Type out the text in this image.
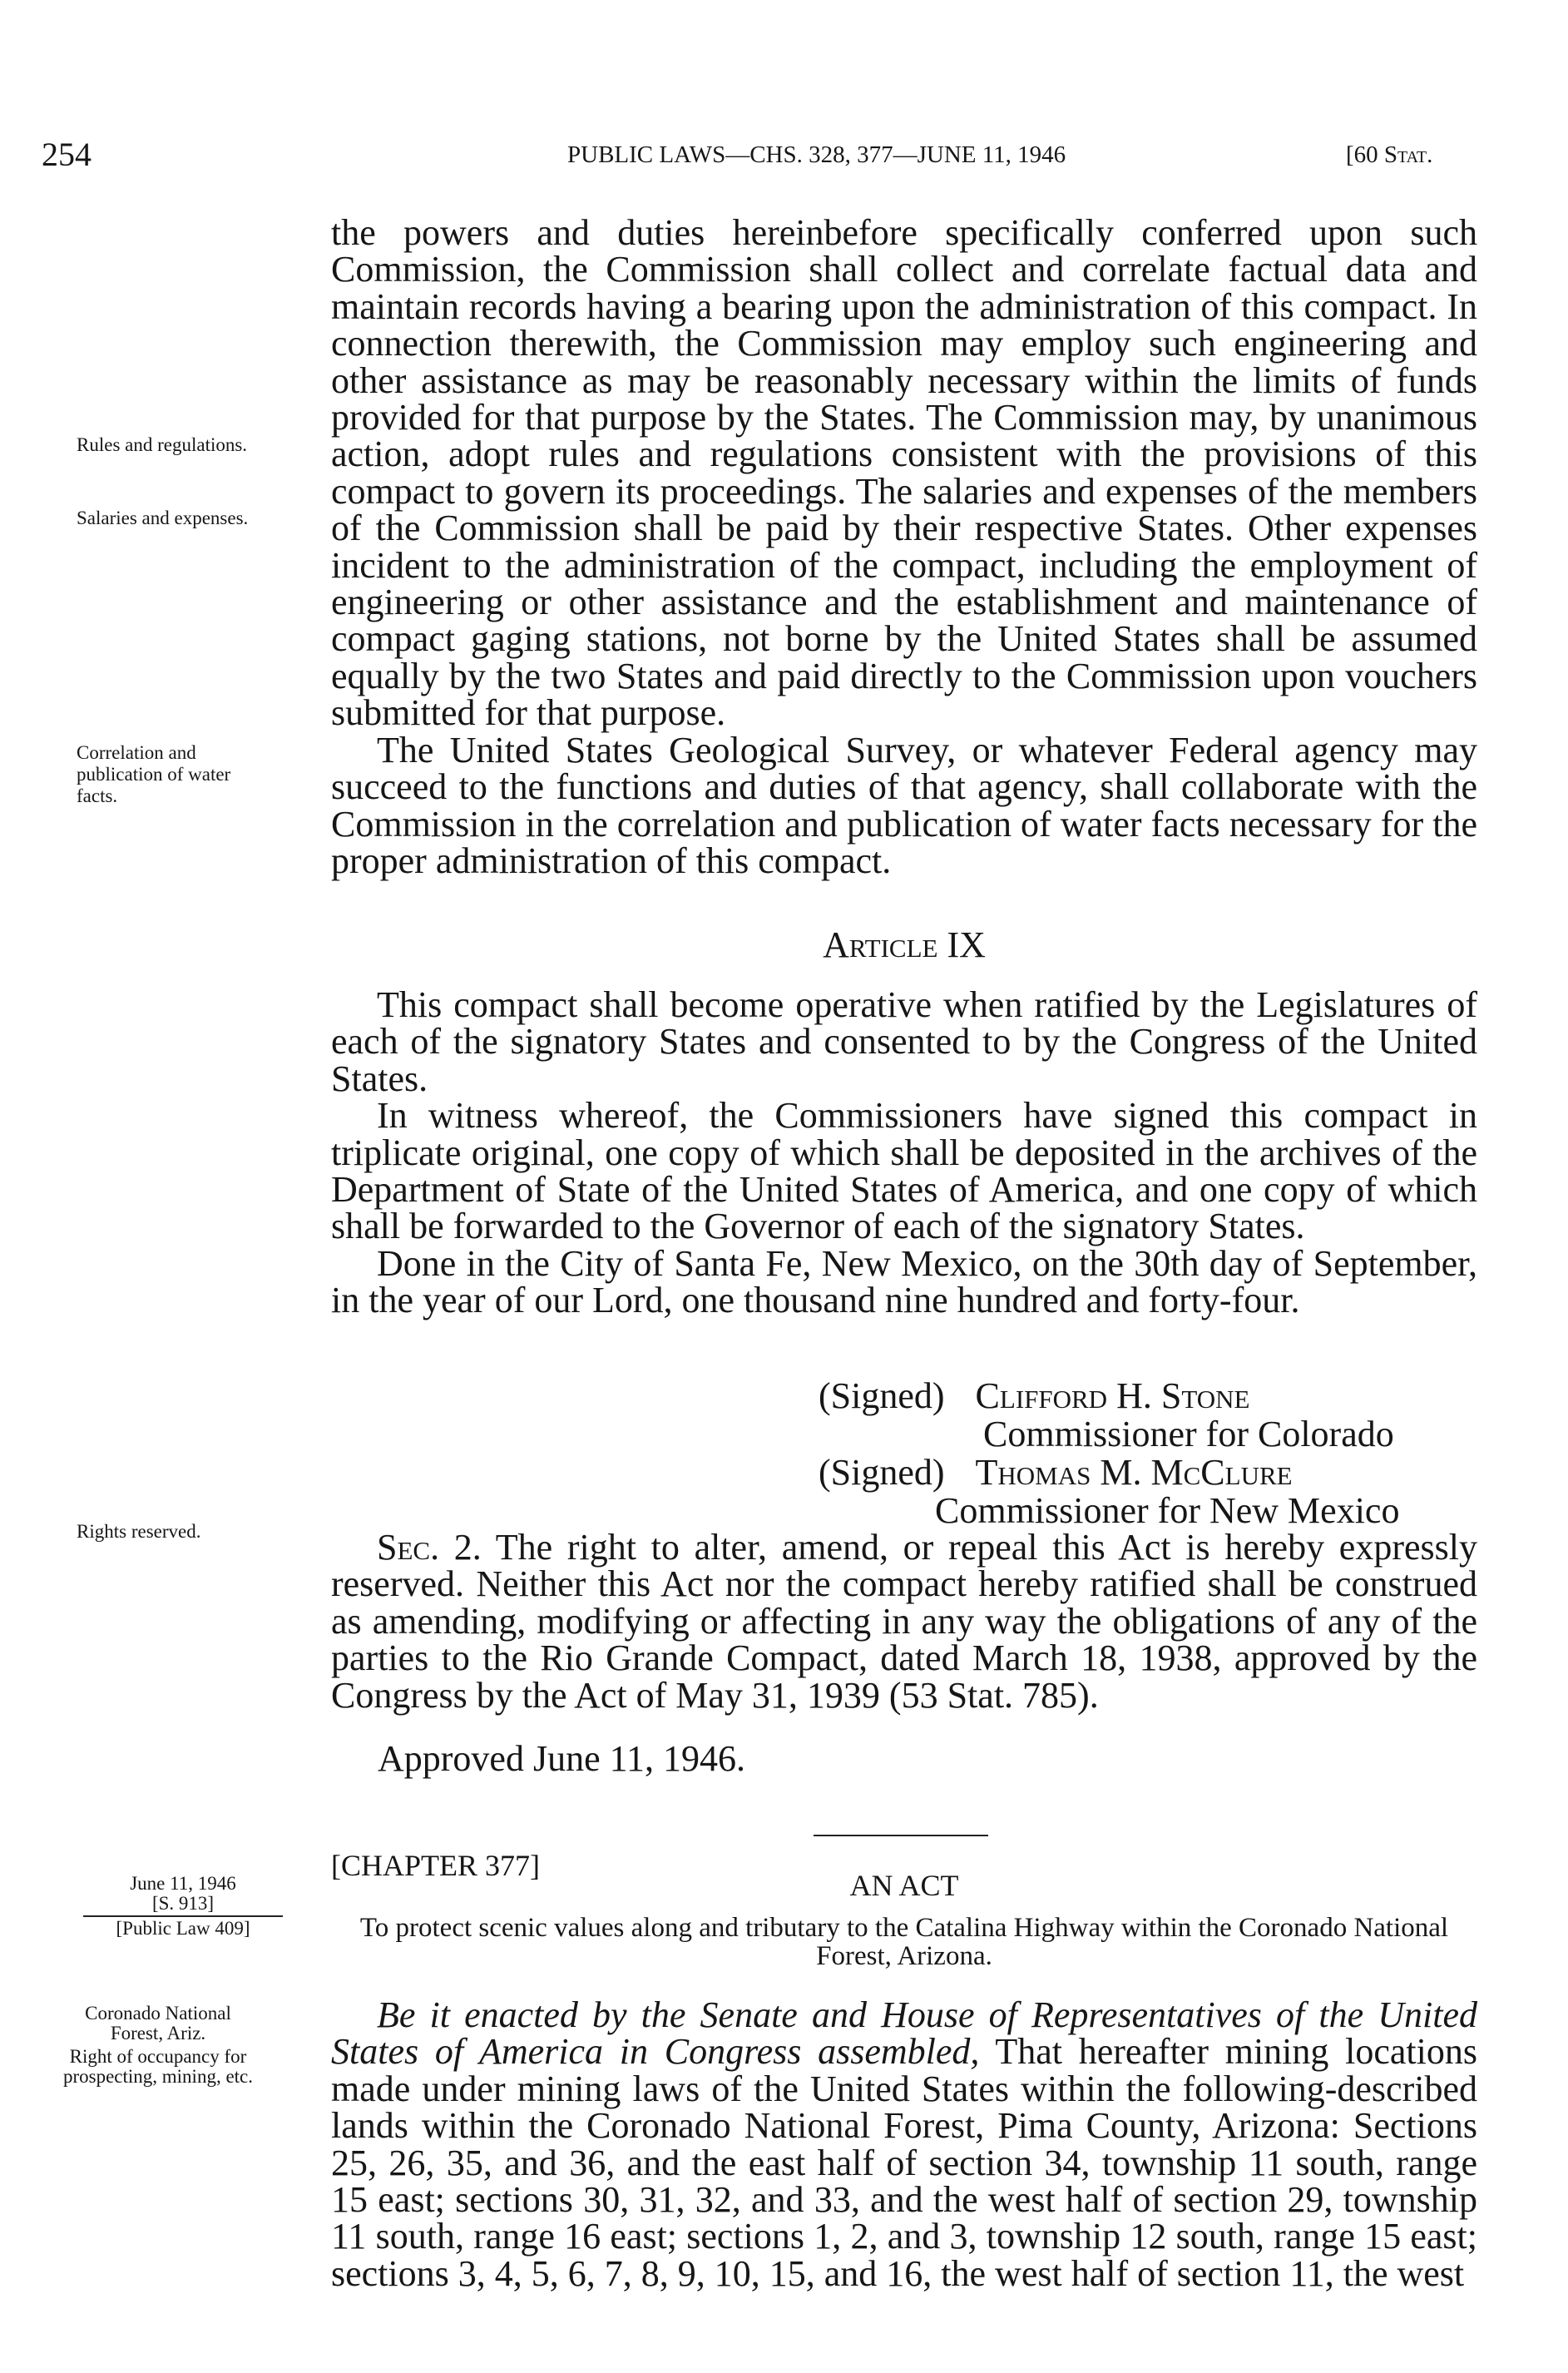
254	PUBLIC LAWS—CHS. 328, 377—JUNE 11, 1946	[60 Stat.
Rules and regulations.
Salaries and expenses.
Correlation and publication of water facts.
Rights reserved.
June 11, 1946
[S. 913]
[Public Law 409]
Coronado National Forest, Ariz.
Right of occupancy for prospecting, mining, etc.

the powers and duties hereinbefore specifically conferred upon such Commission, the Commission shall collect and correlate factual data and maintain records having a bearing upon the administration of this compact. In connection therewith, the Commission may employ such engineering and other assistance as may be reasonably necessary within the limits of funds provided for that purpose by the States. The Commission may, by unanimous action, adopt rules and regulations consistent with the provisions of this compact to govern its proceedings. The salaries and expenses of the members of the Commission shall be paid by their respective States. Other expenses incident to the administration of the compact, including the employment of engineering or other assistance and the establishment and maintenance of compact gaging stations, not borne by the United States shall be assumed equally by the two States and paid directly to the Commission upon vouchers submitted for that purpose.

The United States Geological Survey, or whatever Federal agency may succeed to the functions and duties of that agency, shall collaborate with the Commission in the correlation and publication of water facts necessary for the proper administration of this compact.

Article IX

This compact shall become operative when ratified by the Legislatures of each of the signatory States and consented to by the Congress of the United States.

In witness whereof, the Commissioners have signed this compact in triplicate original, one copy of which shall be deposited in the archives of the Department of State of the United States of America, and one copy of which shall be forwarded to the Governor of each of the signatory States.

Done in the City of Santa Fe, New Mexico, on the 30th day of September, in the year of our Lord, one thousand nine hundred and forty-four.

(Signed) Clifford H. Stone
Commissioner for Colorado
(Signed) Thomas M. McClure
Commissioner for New Mexico

Sec. 2. The right to alter, amend, or repeal this Act is hereby expressly reserved. Neither this Act nor the compact hereby ratified shall be construed as amending, modifying or affecting in any way the obligations of any of the parties to the Rio Grande Compact, dated March 18, 1938, approved by the Congress by the Act of May 31, 1939 (53 Stat. 785).

Approved June 11, 1946.
[CHAPTER 377]
AN ACT
To protect scenic values along and tributary to the Catalina Highway within the Coronado National Forest, Arizona.

Be it enacted by the Senate and House of Representatives of the United States of America in Congress assembled, That hereafter mining locations made under mining laws of the United States within the following-described lands within the Coronado National Forest, Pima County, Arizona: Sections 25, 26, 35, and 36, and the east half of section 34, township 11 south, range 15 east; sections 30, 31, 32, and 33, and the west half of section 29, township 11 south, range 16 east; sections 1, 2, and 3, township 12 south, range 15 east; sections 3, 4, 5, 6, 7, 8, 9, 10, 15, and 16, the west half of section 11, the west
